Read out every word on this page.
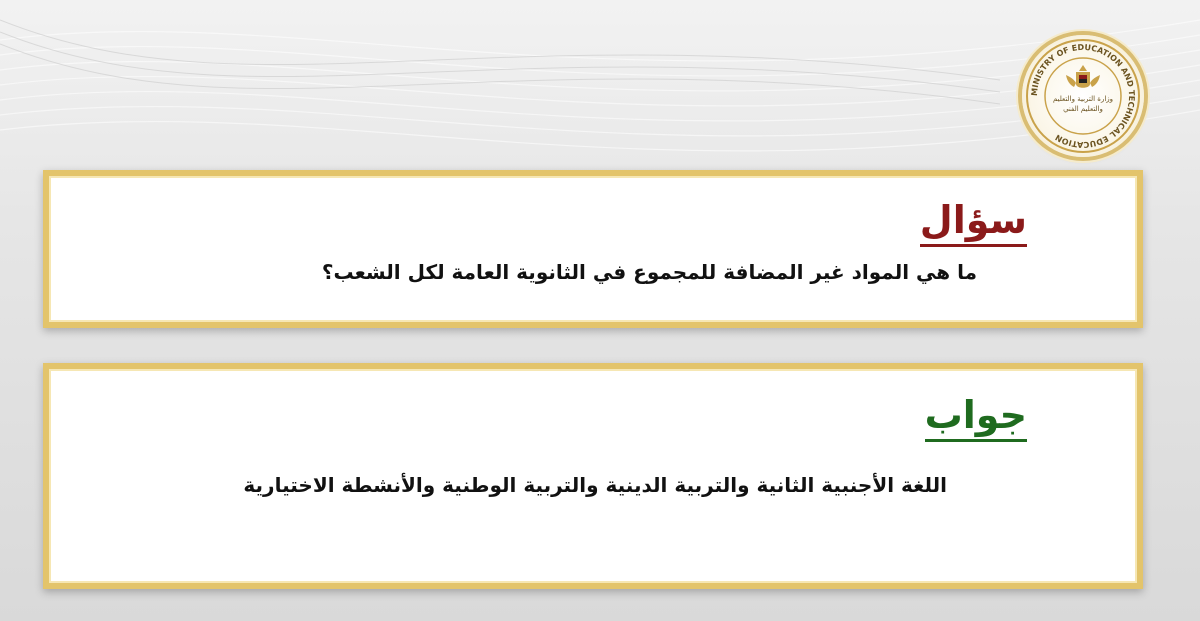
MINISTRY OF EDUCATION AND TECHNICAL EDUCATION
وزارة التربية والتعليم
والتعليم الفني
سؤال
ما هي المواد غير المضافة للمجموع في الثانوية العامة لكل الشعب؟
جواب
اللغة الأجنبية الثانية والتربية الدينية والتربية الوطنية والأنشطة الاختيارية
